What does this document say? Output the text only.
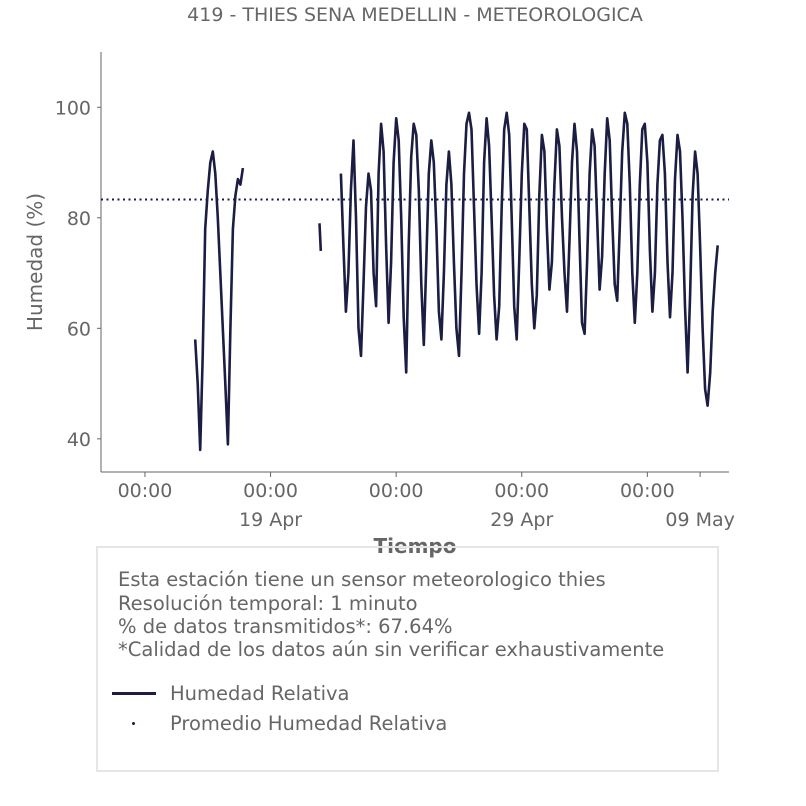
419 - THIES SENA MEDELLIN - METEOROLOGICA
40
60
80
100
00:00	00:00
19 Apr
00:00	00:00
29 Apr
00:00
09 May
Humedad (%)
Tiempo
Esta estación tiene un sensor meteorologico thies
Resolución temporal: 1 minuto
% de datos transmitidos*: 67.64%
*Calidad de los datos aún sin verificar exhaustivamente
Humedad Relativa
Promedio Humedad Relativa
